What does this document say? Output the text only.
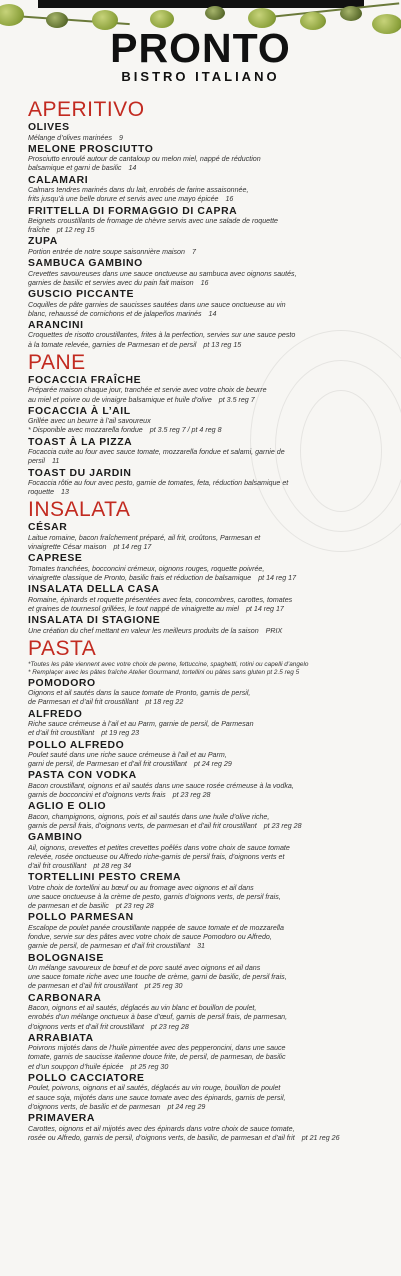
PRONTO
BISTRO ITALIANO
APERITIVO
OLIVES
Mélange d’olives marinées 9
MELONE PROSCIUTTO
Prosciutto enroulé autour de cantaloup ou melon miel, nappé de réduction
balsamique et garni de basilic 14
CALAMARI
Calmars tendres marinés dans du lait, enrobés de farine assaisonnée,
frits jusqu’à une belle dorure et servis avec une mayo épicée 16
FRITTELLA DI FORMAGGIO DI CAPRA
Beignets croustillants de fromage de chèvre servis avec une salade de roquette
fraîche pt 12 reg 15
ZUPA
Portion entrée de notre soupe saisonnière maison 7
SAMBUCA GAMBINO
Crevettes savoureuses dans une sauce onctueuse au sambuca avec oignons sautés,
garnies de basilic et servies avec du pain fait maison 16
GUSCIO PICCANTE
Coquilles de pâte garnies de saucisses sautées dans une sauce onctueuse au vin
blanc, rehaussé de cornichons et de jalapeños marinés 14
ARANCINI
Croquettes de risotto croustillantes, frites à la perfection, servies sur une sauce pesto
à la tomate relevée, garnies de Parmesan et de persil pt 13 reg 15
PANE
FOCACCIA FRAÎCHE
Préparée maison chaque jour, tranchée et servie avec votre choix de beurre
au miel et poivre ou de vinaigre balsamique et huile d’olive pt 3.5 reg 7
FOCACCIA À L’AIL
Grillée avec un beurre à l’ail savoureux
* Disponible avec mozzarella fondue pt 3.5 reg 7 / pt 4 reg 8
TOAST À LA PIZZA
Focaccia cuite au four avec sauce tomate, mozzarella fondue et salami, garnie de
persil 11
TOAST DU JARDIN
Focaccia rôtie au four avec pesto, garnie de tomates, feta, réduction balsamique et
roquette 13
INSALATA
CÉSAR
Laitue romaine, bacon fraîchement préparé, ail frit, croûtons, Parmesan et
vinaigrette César maison pt 14 reg 17
CAPRESE
Tomates tranchées, bocconcini crémeux, oignons rouges, roquette poivrée,
vinaigrette classique de Pronto, basilic frais et réduction de balsamique pt 14 reg 17
INSALATA DELLA CASA
Romaine, épinards et roquette présentées avec feta, concombres, carottes, tomates
et graines de tournesol grillées, le tout nappé de vinaigrette au miel pt 14 reg 17
INSALATA DI STAGIONE
Une création du chef mettant en valeur les meilleurs produits de la saison PRIX
PASTA
*Toutes les pâte viennent avec votre choix de penne, fettuccine, spaghetti, rotini ou capelli d’angelo
* Remplaçer avec les pâtes fraîche Atelier Gourmand, tortellini ou pâtes sans gluten pt 2.5 reg 5
POMODORO
Oignons et ail sautés dans la sauce tomate de Pronto, garnis de persil,
de Parmesan et d’ail frit croustillant pt 18 reg 22
ALFREDO
Riche sauce crémeuse à l’ail et au Parm, garnie de persil, de Parmesan
et d’ail frit croustillant pt 19 reg 23
POLLO ALFREDO
Poulet sauté dans une riche sauce crémeuse à l’ail et au Parm,
garni de persil, de Parmesan et d’ail frit croustillant pt 24 reg 29
PASTA CON VODKA
Bacon croustillant, oignons et ail sautés dans une sauce rosée crémeuse à la vodka,
garnis de bocconcini et d’oignons verts frais pt 23 reg 28
AGLIO E OLIO
Bacon, champignons, oignons, pois et ail sautés dans une huile d’olive riche,
garnis de persil frais, d’oignons verts, de parmesan et d’ail frit croustillant pt 23 reg 28
GAMBINO
Ail, oignons, crevettes et petites crevettes poêlés dans votre choix de sauce tomate
relevée, rosée onctueuse ou Alfredo riche-garnis de persil frais, d’oignons verts et
d’ail frit croustillant pt 28 reg 34
TORTELLINI PESTO CREMA
Votre choix de tortellini au bœuf ou au fromage avec oignons et ail dans
une sauce onctueuse à la crème de pesto, garnis d’oignons verts, de persil frais,
de parmesan et de basilic pt 23 reg 28
POLLO PARMESAN
Escalope de poulet panée croustillante nappée de sauce tomate et de mozzarella
fondue, servie sur des pâtes avec votre choix de sauce Pomodoro ou Alfredo,
garnie de persil, de parmesan et d’ail frit croustillant 31
BOLOGNAISE
Un mélange savoureux de bœuf et de porc sauté avec oignons et ail dans
une sauce tomate riche avec une touche de crème, garni de basilic, de persil frais,
de parmesan et d’ail frit croustillant pt 25 reg 30
CARBONARA
Bacon, oignons et ail sautés, déglacés au vin blanc et bouillon de poulet,
enrobés d’un mélange onctueux à base d’œuf, garnis de persil frais, de parmesan,
d’oignons verts et d’ail frit croustillant pt 23 reg 28
ARRABIATA
Poivrons mijotés dans de l’huile pimentée avec des pepperoncini, dans une sauce
tomate, garnis de saucisse italienne douce frite, de persil, de parmesan, de basilic
et d’un soupçon d’huile épicée pt 25 reg 30
POLLO CACCIATORE
Poulet, poivrons, oignons et ail sautés, déglacés au vin rouge, bouillon de poulet
et sauce soja, mijotés dans une sauce tomate avec des épinards, garnis de persil,
d’oignons verts, de basilic et de parmesan pt 24 reg 29
PRIMAVERA
Carottes, oignons et ail mijotés avec des épinards dans votre choix de sauce tomate,
rosée ou Alfredo, garnis de persil, d’oignons verts, de basilic, de parmesan et d’ail frit pt 21 reg 26
